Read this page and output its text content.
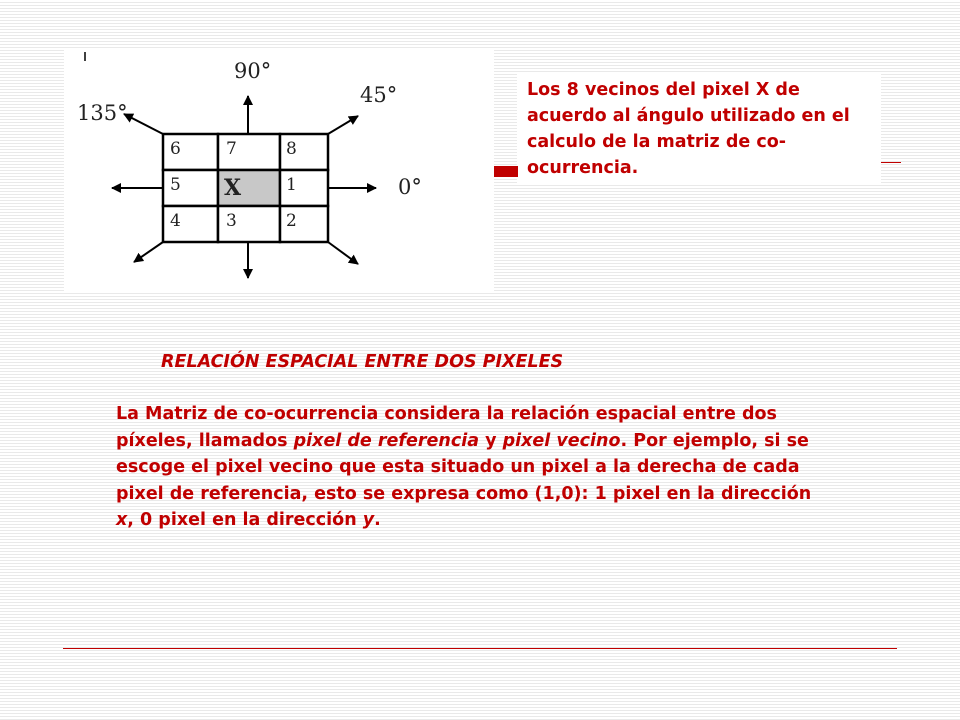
6	7	8
5 X	1
4	3	2
90°
45°
135°
0°
Los 8 vecinos del pixel X de acuerdo al ángulo utilizado en el calculo de la matriz de co-ocurrencia.
RELACIÓN ESPACIAL ENTRE DOS PIXELES
La Matriz de co-ocurrencia considera la relación espacial entre dos píxeles, llamados pixel de referencia y pixel vecino. Por ejemplo, si se escoge el pixel vecino que esta situado un pixel a la derecha de cada pixel de referencia, esto se expresa como (1,0): 1 pixel en la dirección x, 0 pixel en la dirección y.
